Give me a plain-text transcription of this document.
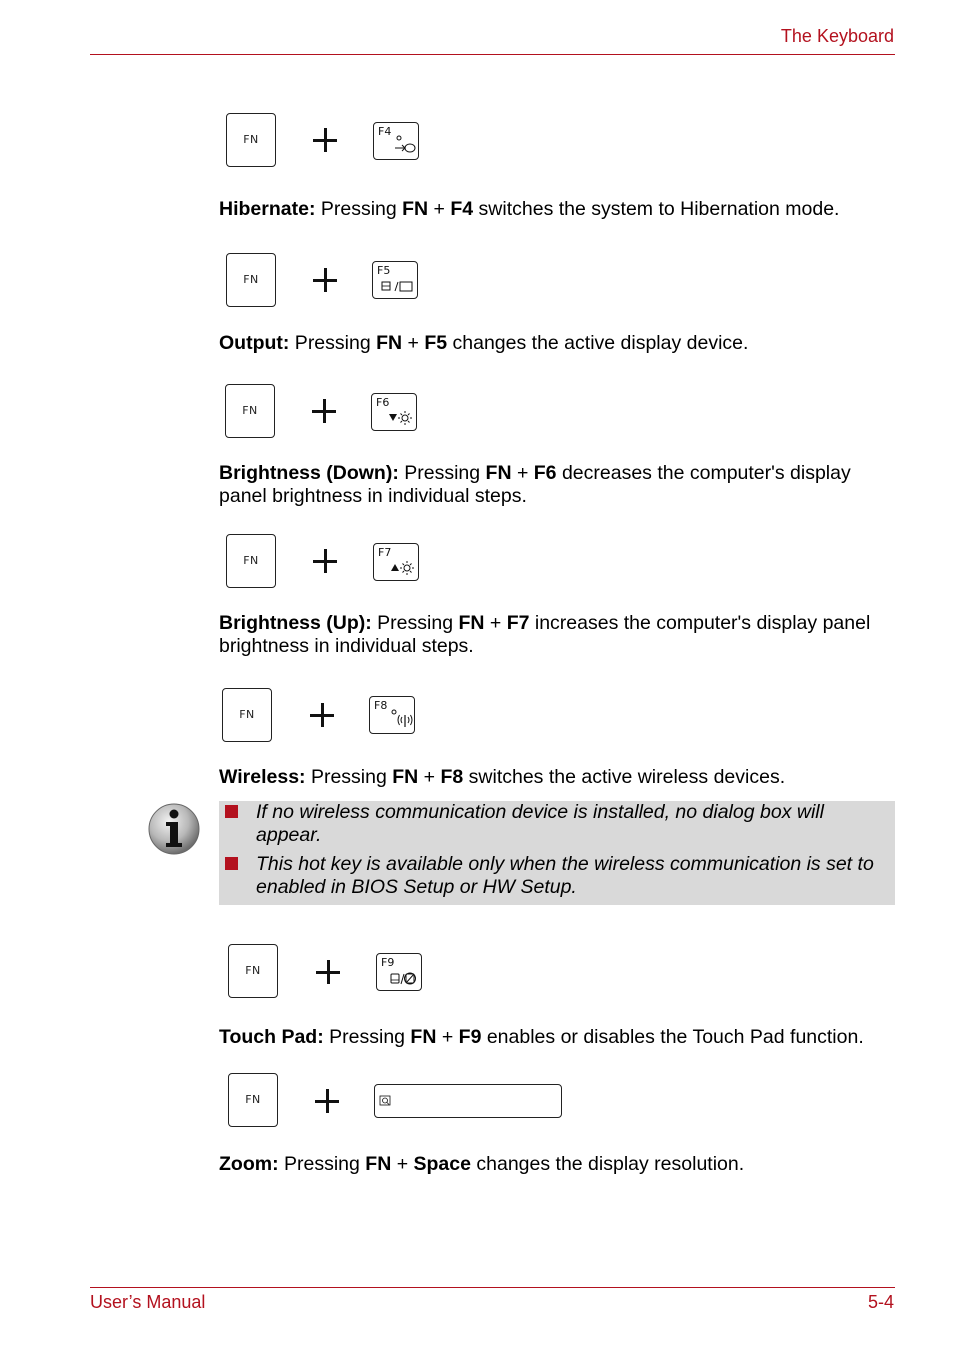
The Keyboard
FN
F4
Hibernate: Pressing FN + F4 switches the system to Hibernation mode.
FN
F5
Output: Pressing FN + F5 changes the active display device.
FN
F6
Brightness (Down): Pressing FN + F6 decreases the computer's display panel brightness in individual steps.
FN
F7
Brightness (Up): Pressing FN + F7 increases the computer's display panel brightness in individual steps.
FN
F8
Wireless: Pressing FN + F8 switches the active wireless devices.
If no wireless communication device is installed, no dialog box will appear.
This hot key is available only when the wireless communication is set to enabled in BIOS Setup or HW Setup.
FN
F9
Touch Pad: Pressing FN + F9 enables or disables the Touch Pad function.
FN
Zoom: Pressing FN + Space changes the display resolution.
User’s Manual	5-4
